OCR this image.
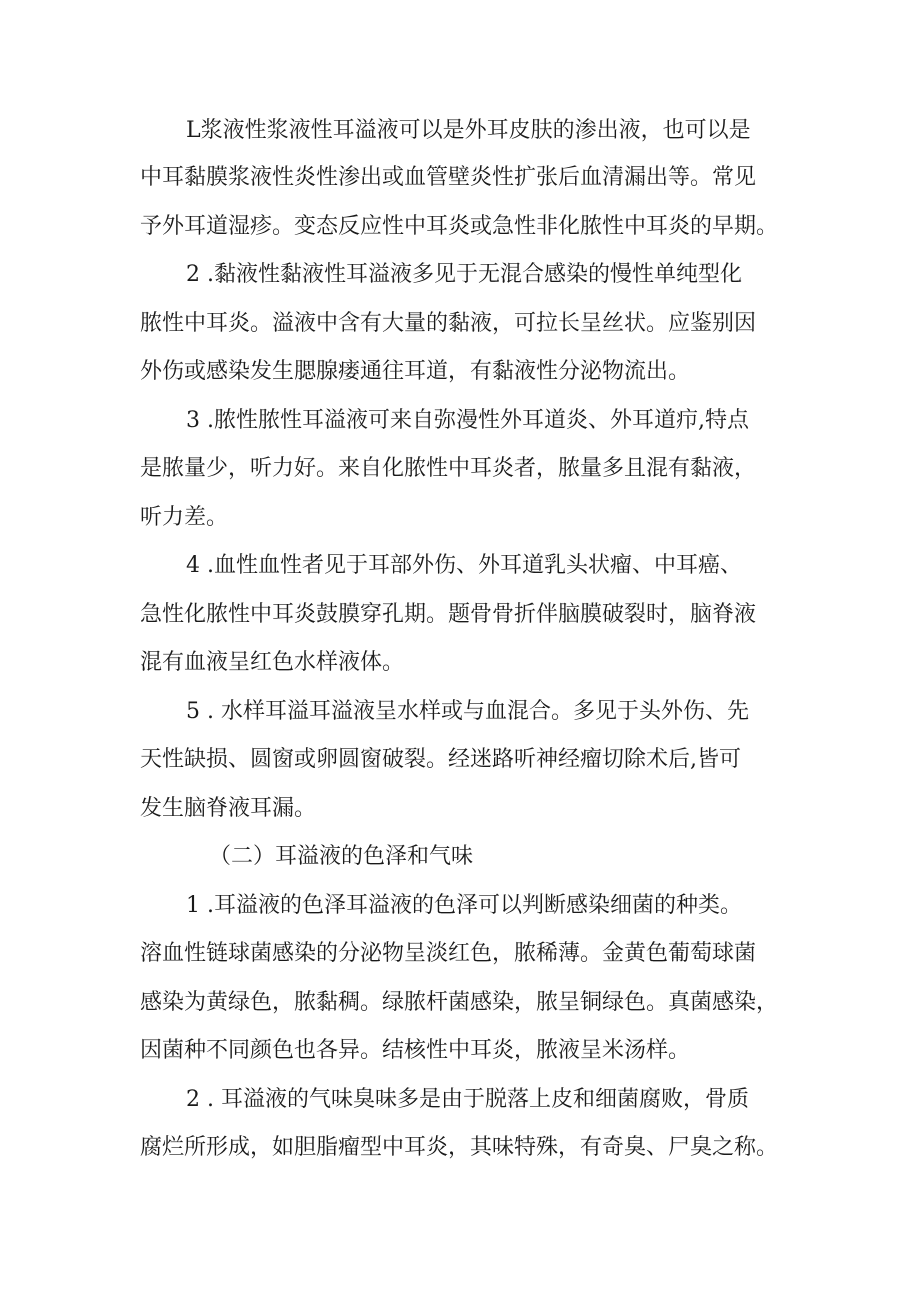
L浆液性浆液性耳溢液可以是外耳皮肤的渗出液，也可以是
中耳黏膜浆液性炎性渗出或血管壁炎性扩张后血清漏出等。常见
予外耳道湿疹。变态反应性中耳炎或急性非化脓性中耳炎的早期。
2 .黏液性黏液性耳溢液多见于无混合感染的慢性单纯型化
脓性中耳炎。溢液中含有大量的黏液，可拉长呈丝状。应鉴别因
外伤或感染发生腮腺瘘通往耳道，有黏液性分泌物流出。
3 .脓性脓性耳溢液可来自弥漫性外耳道炎、外耳道疖,特点
是脓量少，听力好。来自化脓性中耳炎者，脓量多且混有黏液，
听力差。
4 .血性血性者见于耳部外伤、外耳道乳头状瘤、中耳癌、
急性化脓性中耳炎鼓膜穿孔期。题骨骨折伴脑膜破裂时，脑脊液
混有血液呈红色水样液体。
5 . 水样耳溢耳溢液呈水样或与血混合。多见于头外伤、先
天性缺损、圆窗或卵圆窗破裂。经迷路听神经瘤切除术后,皆可
发生脑脊液耳漏。
（二）耳溢液的色泽和气味
1 .耳溢液的色泽耳溢液的色泽可以判断感染细菌的种类。
溶血性链球菌感染的分泌物呈淡红色，脓稀薄。金黄色葡萄球菌
感染为黄绿色，脓黏稠。绿脓杆菌感染，脓呈铜绿色。真菌感染，
因菌种不同颜色也各异。结核性中耳炎，脓液呈米汤样。
2 . 耳溢液的气味臭味多是由于脱落上皮和细菌腐败，骨质
腐烂所形成，如胆脂瘤型中耳炎，其味特殊，有奇臭、尸臭之称。
